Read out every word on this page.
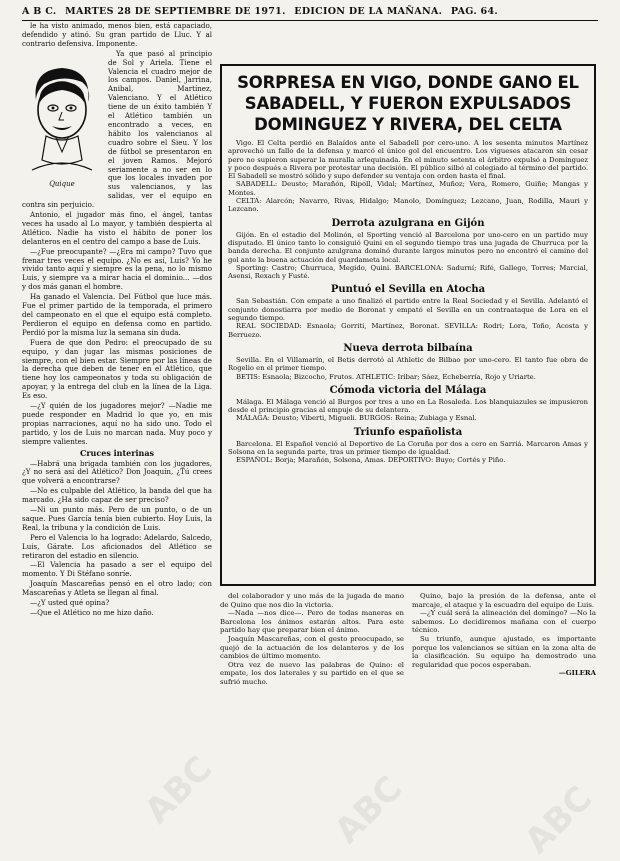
A B C. MARTES 28 DE SEPTIEMBRE DE 1971. EDICION DE LA MAÑANA. PAG. 64.

le ha visto animado, menos bien, está capaciado, defendido y atinó. Su gran partido de Lluc. Y al contrario defensiva. Imponente.

Quique

Ya que pasó al principio de Sol y Ariela. Tiene el Valencia el cuadro mejor de los campos. Daniel, Jarrina, Anibal, Martínez, Valenciano. Y el Atlético tiene de un éxito también Y el Atlético también un encontrado a veces, en hábito los valencianos al cuadro sobre el Sieu. Y los de fútbol se presentaron en el joven Ramos. Mejoró seriamente a no ser en lo que los locales invaden por sus valencianos, y las salidas, ver el equipo en contra sin perjuicio.

Antonio, el jugador más fino, el ángel, tantas veces ha usado al Lo mayor, y también despierta al Atlético. Nadie ha visto el hábito de poner los delanteros en el centro del campo a base de Luis.

—¿Fue preocupante? —¿Era mi campo? Tuvo que frenar tres veces el equipo. ¿No es así, Luis? Yo he vivido tanto aquí y siempre es la pena, no lo mismo Luis, y siempre va a mirar hacia el dominio... —dos y dos más ganan el hombre.

Ha ganado el Valencia. Del Fútbol que luce más. Fue el primer partido de la temporada, el primero del campeonato en el que el equipo está completo. Perdieron el equipo en defensa como en partido. Perdió por la misma luz la semana sin duda.

Fuera de que don Pedro: el preocupado de su equipo, y dan jugar las mismas posiciones de siempre, con el bien estar. Siempre por las líneas de la derecha que deben de tener en el Atlético, que tiene hoy los campeonatos y toda su obligación de apoyar, y la entrega del club en la línea de la Liga. Es eso.

—¿Y quién de los jugadores mejor? —Nadie me puede responder en Madrid lo que yo, en mis propias narraciones, aquí no ha sido uno. Todo el partido, y los de Luis no marcan nada. Muy poco y siempre valientes.

Cruces interinas

—Habrá una brigada también con los jugadores, ¿Y no será así del Atlético? Don Joaquín, ¿Tú crees que volverá a encontrarse?

—No es culpable del Atlético, la banda del que ha marcado. ¿Ha sido capaz de ser preciso?

—Ni un punto más. Pero de un punto, o de un saque. Pues García tenía bien cubierto. Hoy Luis, la Real, la tribuna y la condición de Luis.

Pero el Valencia lo ha logrado: Adelardo, Salcedo, Luis, Gárate. Los aficionados del Atlético se retiraron del estadio en silencio.

—El Valencia ha pasado a ser el equipo del momento. Y Di Stéfano sonríe.

Joaquín Mascareñas pensó en el otro lado; con Mascareñas y Atleta se llegan al final.

—¿Y usted qué opina?

—Que el Atlético no me hizo daño.

SORPRESA EN VIGO, DONDE GANO EL SABADELL, Y FUERON EXPULSADOS DOMINGUEZ Y RIVERA, DEL CELTA

Vigo. El Celta perdió en Balaídos ante el Sabadell por cero-uno. A los sesenta minutos Martínez aprovechó un fallo de la defensa y marcó el único gol del encuentro. Los vigueses atacaron sin cesar pero no supieron superar la muralla arlequinada. En el minuto setenta el árbitro expulsó a Domínguez y poco después a Rivera por protestar una decisión. El público silbó al colegiado al término del partido. El Sabadell se mostró sólido y supo defender su ventaja con orden hasta el final.

SABADELL: Deusto; Marañón, Ripoll, Vidal; Martínez, Muñoz; Vera, Romero, Guiñe; Mangas y Montes.

CELTA: Alarcón; Navarro, Rivas, Hidalgo; Manolo, Domínguez; Lezcano, Juan, Rodilla, Mauri y Lezcano.

Derrota azulgrana en Gijón

Gijón. En el estadio del Molinón, el Sporting venció al Barcelona por uno-cero en un partido muy disputado. El único tanto lo consiguió Quini en el segundo tiempo tras una jugada de Churruca por la banda derecha. El conjunto azulgrana dominó durante largos minutos pero no encontró el camino del gol ante la buena actuación del guardameta local.

Sporting: Castro; Churruca, Megido, Quini. BARCELONA: Sadurní; Rifé, Gallego, Torres; Marcial, Asensi, Rexach y Fusté.

Puntuó el Sevilla en Atocha

San Sebastián. Con empate a uno finalizó el partido entre la Real Sociedad y el Sevilla. Adelantó el conjunto donostiarra por medio de Boronat y empató el Sevilla en un contraataque de Lora en el segundo tiempo.

REAL SOCIEDAD: Esnaola; Gorriti, Martínez, Boronat. SEVILLA: Rodri; Lora, Toño, Acosta y Berruezo.

Nueva derrota bilbaína

Sevilla. En el Villamarín, el Betis derrotó al Athletic de Bilbao por uno-cero. El tanto fue obra de Rogelio en el primer tiempo.

BETIS: Esnaola; Bizcocho, Frutos. ATHLETIC: Iribar; Sáez, Echeberría, Rojo y Uriarte.

Cómoda victoria del Málaga

Málaga. El Málaga venció al Burgos por tres a uno en La Rosaleda. Los blanquiazules se impusieron desde el principio gracias al empuje de su delantera.

MÁLAGA: Deusto; Viberti, Migueli. BURGOS: Reina; Zubiaga y Esnal.

Triunfo españolista

Barcelona. El Español venció al Deportivo de La Coruña por dos a cero en Sarriá. Marcaron Amas y Solsona en la segunda parte, tras un primer tiempo de igualdad.

ESPAÑOL: Borja; Marañón, Solsona, Amas. DEPORTIVO: Buyo; Cortés y Piño.

del colaborador y uno más de la jugada de mano de Quino que nos dio la victoria.

—Nada —nos dice—. Pero de todas maneras en Barcelona los ánimos estarán altos. Para este partido hay que preparar bien el ánimo.

Joaquín Mascareñas, con el gesto preocupado, se quejó de la actuación de los delanteros y de los cambios de último momento.

Otra vez de nuevo las palabras de Quino: el empate, los dos laterales y su partido en el que se sufrió mucho.

Quino, bajo la presión de la defensa, ante el marcaje, el ataque y la escuadra del equipo de Luis.

—¿Y cuál será la alineación del domingo? —No la sabemos. Lo decidiremos mañana con el cuerpo técnico.

Su triunfo, aunque ajustado, es importante porque los valencianos se sitúan en la zona alta de la clasificación. Su equipo ha demostrado una regularidad que pocos esperaban.

—GILERA

ABC	ABC	ABC
